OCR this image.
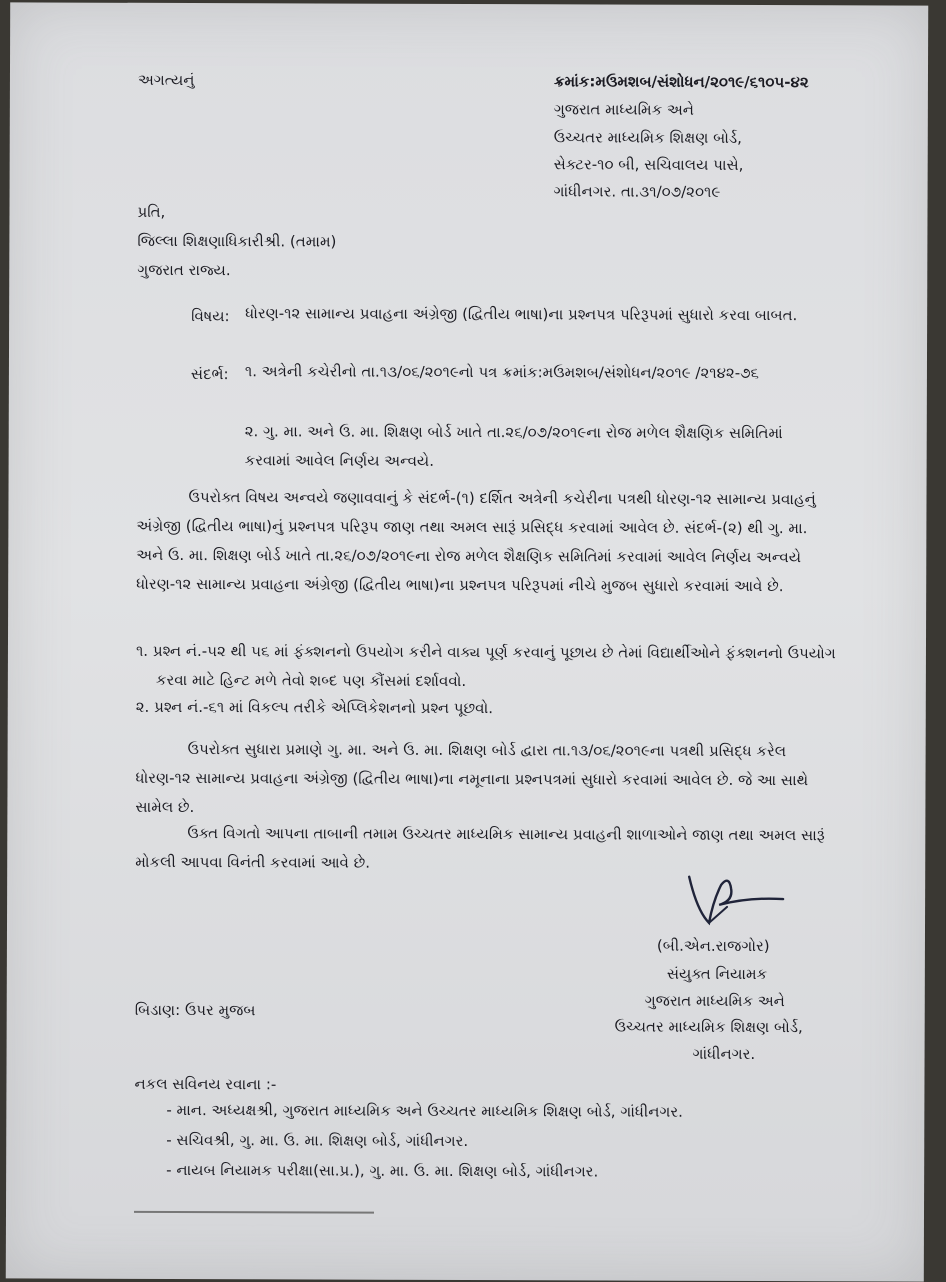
અગત્યનું	ક્રમાંક:મઉમશબ/સંશોધન/૨૦૧૯/૬૧૦૫-૪૨
ગુજરાત માધ્યમિક અને
ઉચ્ચતર માધ્યમિક શિક્ષણ બોર્ડ,
સેક્ટર-૧૦ બી, સચિવાલય પાસે,
ગાંધીનગર. તા.૩૧/૦૭/૨૦૧૯
પ્રતિ,
જિલ્લા શિક્ષણાધિકારીશ્રી. (તમામ)
ગુજરાત રાજ્ય.
વિષય: ધોરણ-૧૨ સામાન્ય પ્રવાહના અંગ્રેજી (દ્વિતીય ભાષા)ના પ્રશ્નપત્ર પરિરૂપમાં સુધારો કરવા બાબત.
સંદર્ભ: ૧. અત્રેની કચેરીનો તા.૧૩/૦૬/૨૦૧૯નો પત્ર ક્રમાંક:મઉમશબ/સંશોધન/૨૦૧૯ /૨૧૪૨-૭૬
૨. ગુ. મા. અને ઉ. મા. શિક્ષણ બોર્ડ ખાતે તા.૨૬/૦૭/૨૦૧૯ના રોજ મળેલ શૈક્ષણિક સમિતિમાં કરવામાં આવેલ નિર્ણય અન્વયે.
ઉપરોક્ત વિષય અન્વયે જણાવવાનું કે સંદર્ભ-(૧) દર્શિત અત્રેની કચેરીના પત્રથી ધોરણ-૧૨ સામાન્ય પ્રવાહનું અંગ્રેજી (દ્વિતીય ભાષા)નું પ્રશ્નપત્ર પરિરૂપ જાણ તથા અમલ સારૂં પ્રસિદ્ધ કરવામાં આવેલ છે. સંદર્ભ-(૨) થી ગુ. મા. અને ઉ. મા. શિક્ષણ બોર્ડ ખાતે તા.૨૬/૦૭/૨૦૧૯ના રોજ મળેલ શૈક્ષણિક સમિતિમાં કરવામાં આવેલ નિર્ણય અન્વયે ધોરણ-૧૨ સામાન્ય પ્રવાહના અંગ્રેજી (દ્વિતીય ભાષા)ના પ્રશ્નપત્ર પરિરૂપમાં નીચે મુજબ સુધારો કરવામાં આવે છે.
૧. પ્રશ્ન નં.-૫૨ થી ૫૬ માં ફંક્શનનો ઉપયોગ કરીને વાક્ય પૂર્ણ કરવાનું પૂછાય છે તેમાં વિદ્યાર્થીઓને ફંક્શનનો ઉપયોગ કરવા માટે હિન્ટ મળે તેવો શબ્દ પણ કૌંસમાં દર્શાવવો.
૨. પ્રશ્ન નં.-૬૧ માં વિકલ્પ તરીકે એપ્લિકેશનનો પ્રશ્ન પૂછવો.
ઉપરોક્ત સુધારા પ્રમાણે ગુ. મા. અને ઉ. મા. શિક્ષણ બોર્ડ દ્વારા તા.૧૩/૦૬/૨૦૧૯ના પત્રથી પ્રસિદ્ધ કરેલ ધોરણ-૧૨ સામાન્ય પ્રવાહના અંગ્રેજી (દ્વિતીય ભાષા)ના નમૂનાના પ્રશ્નપત્રમાં સુધારો કરવામાં આવેલ છે. જે આ સાથે સામેલ છે.
ઉક્ત વિગતો આપના તાબાની તમામ ઉચ્ચતર માધ્યમિક સામાન્ય પ્રવાહની શાળાઓને જાણ તથા અમલ સારૂં મોકલી આપવા વિનંતી કરવામાં આવે છે.
(બી.એન.રાજગોર)
સંયુક્ત નિયામક
ગુજરાત માધ્યમિક અને
ઉચ્ચતર માધ્યમિક શિક્ષણ બોર્ડ,
ગાંધીનગર.
બિડાણ: ઉપર મુજબ
નકલ સવિનય રવાના :-
- માન. અધ્યક્ષશ્રી, ગુજરાત માધ્યમિક અને ઉચ્ચતર માધ્યમિક શિક્ષણ બોર્ડ, ગાંધીનગર.
- સચિવશ્રી, ગુ. મા. ઉ. મા. શિક્ષણ બોર્ડ, ગાંધીનગર.
- નાયબ નિયામક પરીક્ષા(સા.પ્ર.), ગુ. મા. ઉ. મા. શિક્ષણ બોર્ડ, ગાંધીનગર.
